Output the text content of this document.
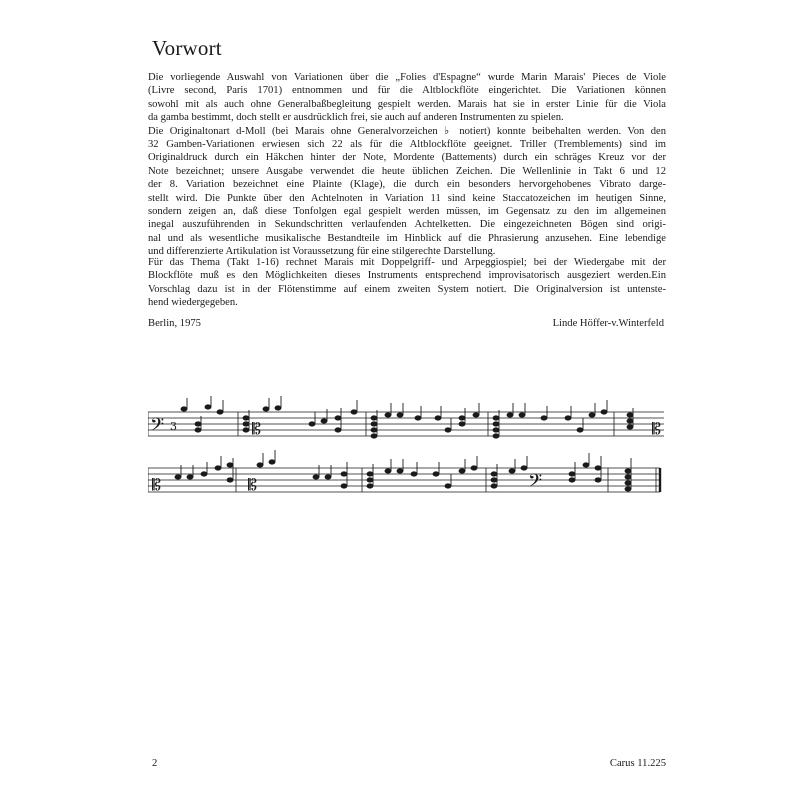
Vorwort
Die vorliegende Auswahl von Variationen über die „Folies d'Espagne“ wurde Marin Marais' Pieces de Viole
(Livre second, Paris 1701) entnommen und für die Altblockflöte eingerichtet. Die Variationen können
sowohl mit als auch ohne Generalbaßbegleitung gespielt werden. Marais hat sie in erster Linie für die Viola
da gamba bestimmt, doch stellt er ausdrücklich frei, sie auch auf anderen Instrumenten zu spielen.
Die Originaltonart d-Moll (bei Marais ohne Generalvorzeichen ♭ notiert) konnte beibehalten werden. Von den
32 Gamben-Variationen erwiesen sich 22 als für die Altblockflöte geeignet. Triller (Tremblements) sind im
Originaldruck durch ein Häkchen hinter der Note, Mordente (Battements) durch ein schräges Kreuz vor der
Note bezeichnet; unsere Ausgabe verwendet die heute üblichen Zeichen. Die Wellenlinie in Takt 6 und 12
der 8. Variation bezeichnet eine Plainte (Klage), die durch ein besonders hervorgehobenes Vibrato darge-
stellt wird. Die Punkte über den Achtelnoten in Variation 11 sind keine Staccatozeichen im heutigen Sinne,
sondern zeigen an, daß diese Tonfolgen egal gespielt werden müssen, im Gegensatz zu den im allgemeinen
inegal auszuführenden in Sekundschritten verlaufenden Achtelketten. Die eingezeichneten Bögen sind origi-
nal und als wesentliche musikalische Bestandteile im Hinblick auf die Phrasierung anzusehen. Eine lebendige
und differenzierte Artikulation ist Voraussetzung für eine stilgerechte Darstellung.
Für das Thema (Takt 1-16) rechnet Marais mit Doppelgriff- und Arpeggiospiel; bei der Wiedergabe mit der
Blockflöte muß es den Möglichkeiten dieses Instruments entsprechend improvisatorisch ausgeziert werden.Ein
Vorschlag dazu ist in der Flötenstimme auf einem zweiten System notiert. Die Originalversion ist untenste-
hend wiedergegeben.
Berlin, 1975	Linde Höffer-v.Winterfeld
𝄢 3	𝄡	𝄡
𝄡	𝄡	𝄢
2	Carus 11.225
